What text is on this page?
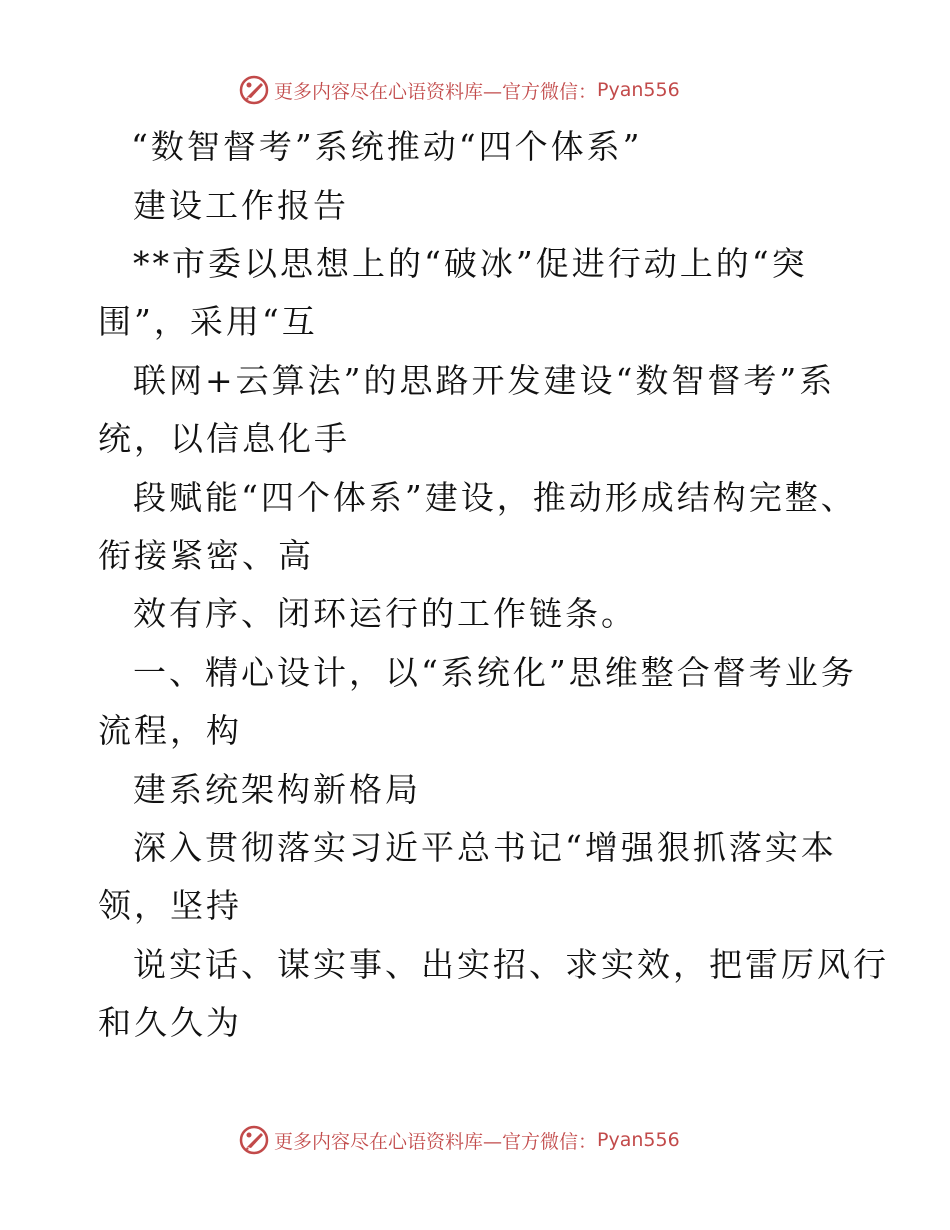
更多内容尽在心语资料库—官方微信： Pyan556
“数智督考”系统推动“四个体系”
建设工作报告
**市委以思想上的“破冰”促进行动上的“突
围”，采用“互
联网+云算法”的思路开发建设“数智督考”系
统，以信息化手
段赋能“四个体系”建设，推动形成结构完整、
衔接紧密、高
效有序、闭环运行的工作链条。
一、精心设计，以“系统化”思维整合督考业务
流程，构
建系统架构新格局
深入贯彻落实习近平总书记“增强狠抓落实本
领，坚持
说实话、谋实事、出实招、求实效，把雷厉风行
和久久为
更多内容尽在心语资料库—官方微信： Pyan556
